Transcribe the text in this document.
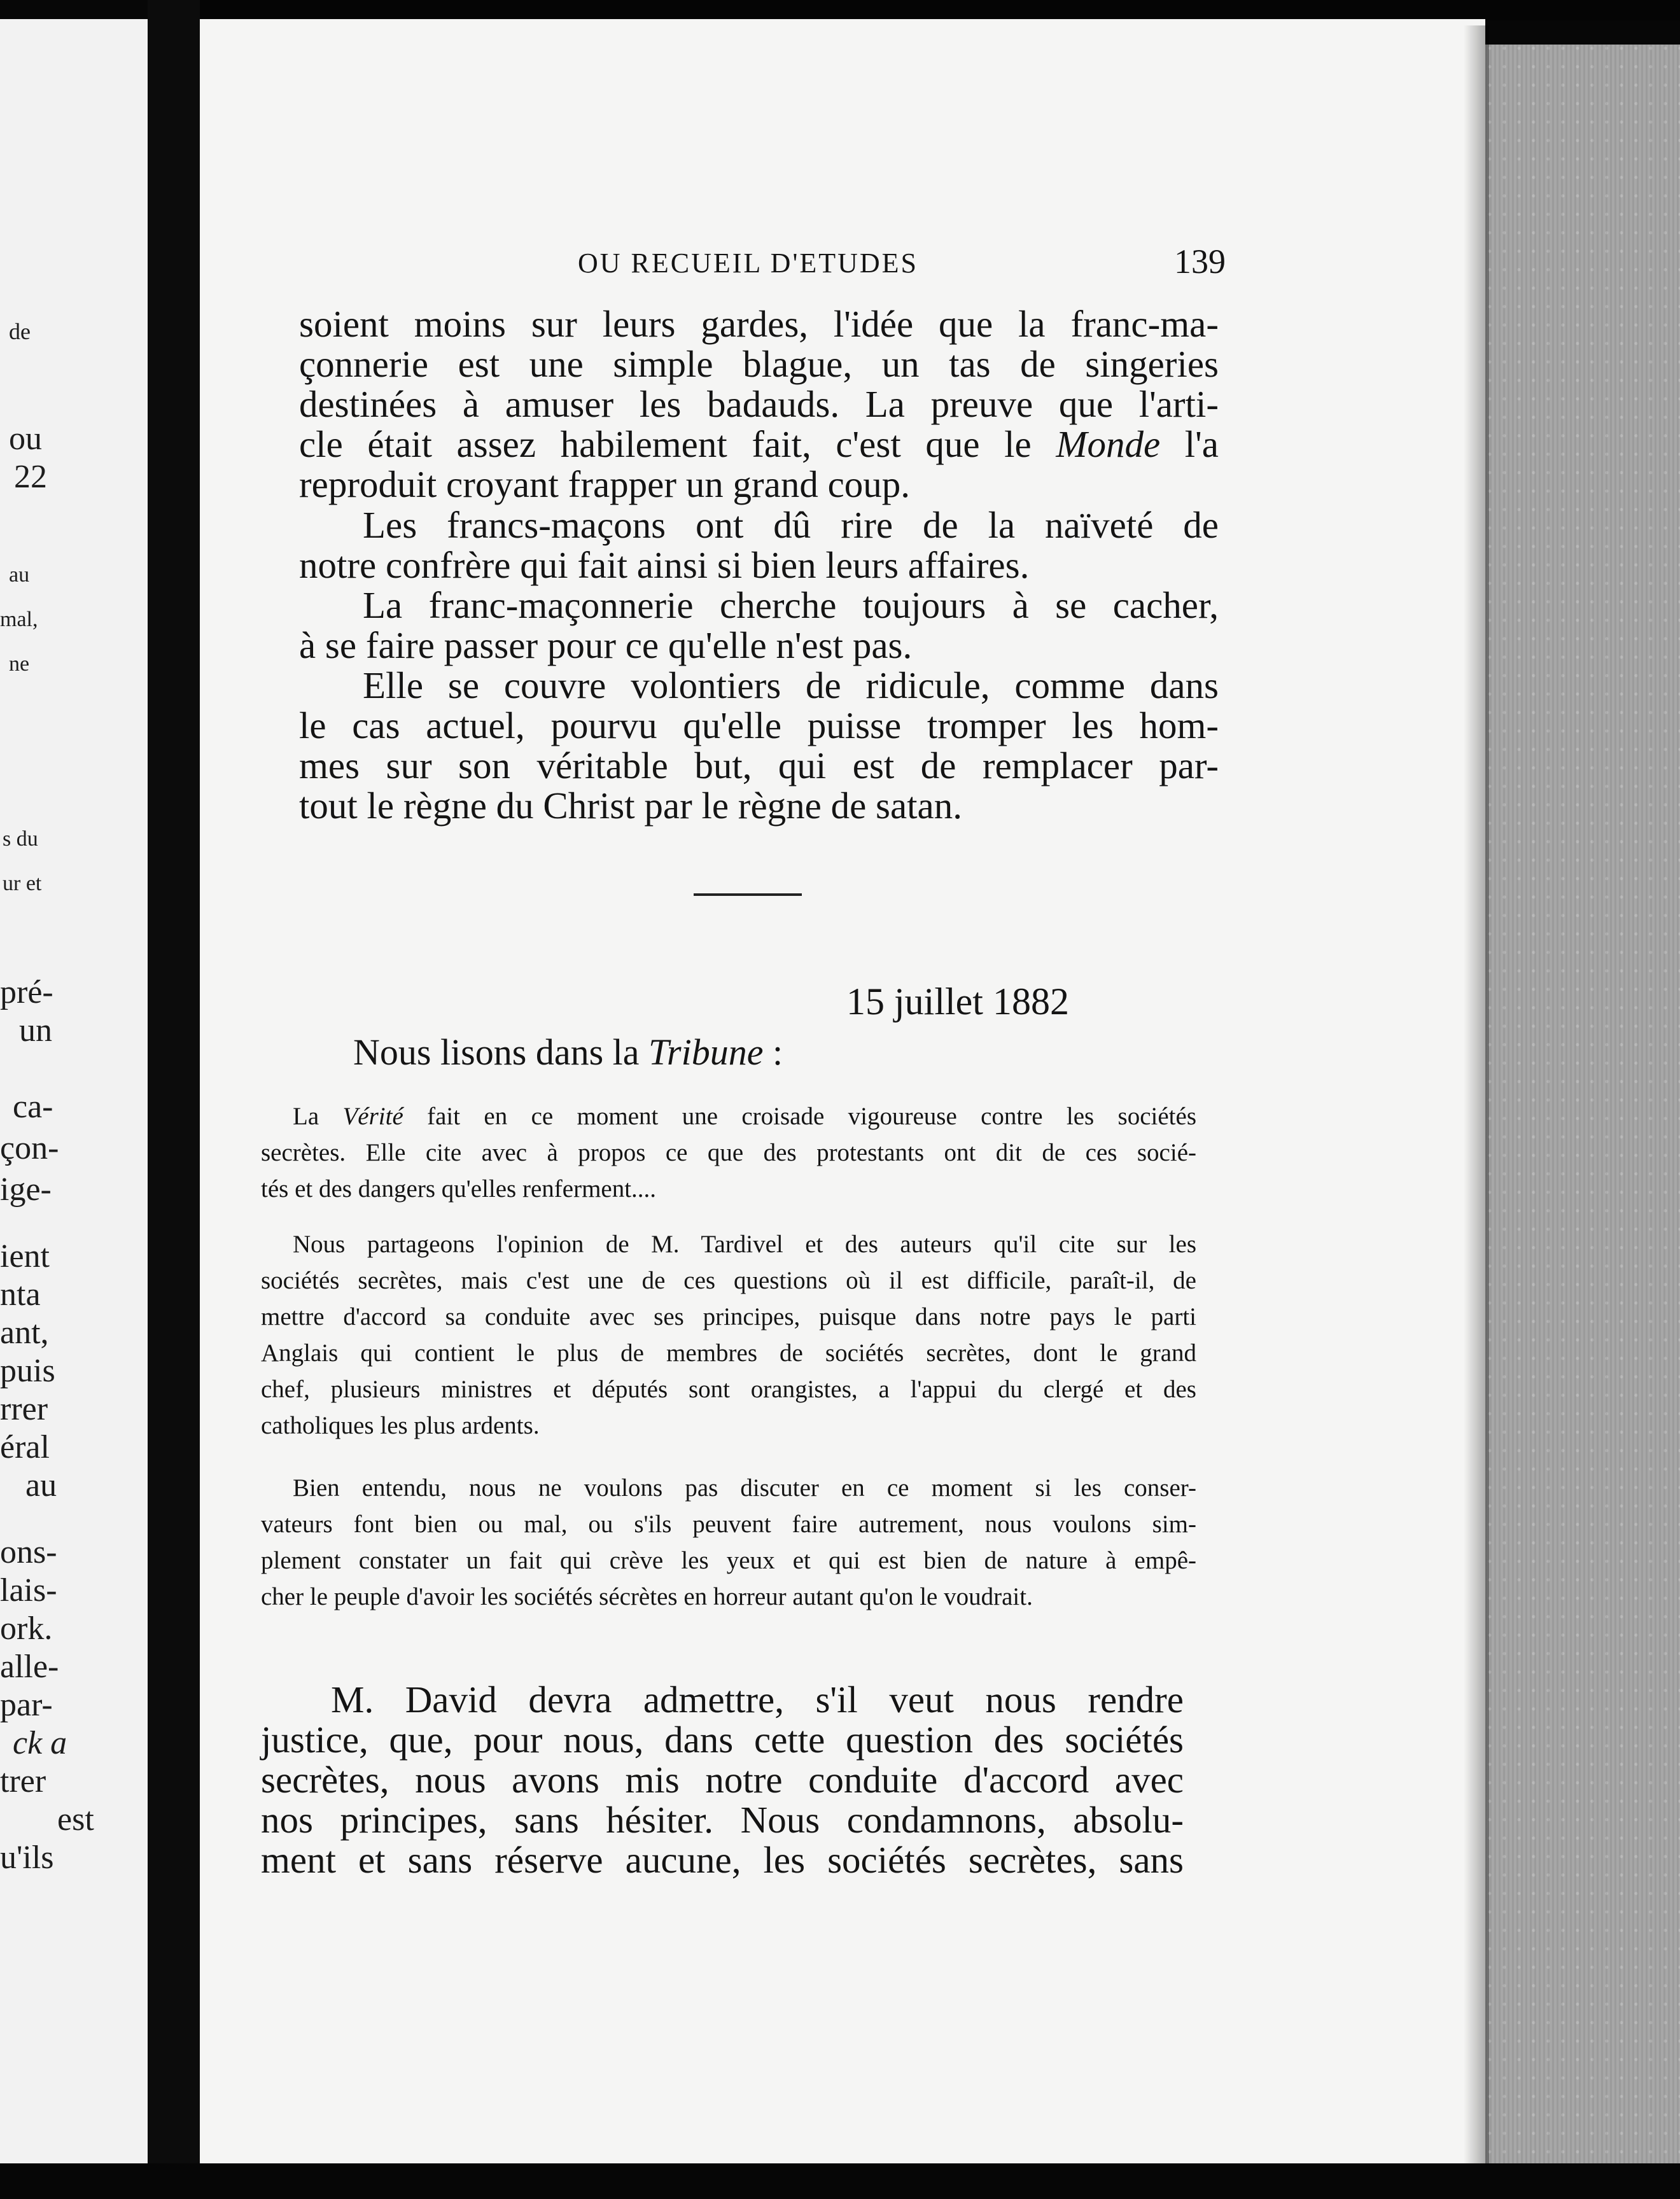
de
ou
22
au
mal,
ne
s du
ur et
pré-
un
ca-
çon-
ige-
ient
nta
ant,
puis
rrer
éral
au
ons-
lais-
ork.
alle-
par-
ck a
trer
est
u'ils
OU RECUEIL D'ETUDES	139
soient moins sur leurs gardes, l'idée que la franc-ma-
çonnerie est une simple blague, un tas de singeries
destinées à amuser les badauds. La preuve que l'arti-
cle était assez habilement fait, c'est que le Monde l'a
reproduit croyant frapper un grand coup.
Les francs-maçons ont dû rire de la naïveté de
notre confrère qui fait ainsi si bien leurs affaires.
La franc-maçonnerie cherche toujours à se cacher,
à se faire passer pour ce qu'elle n'est pas.
Elle se couvre volontiers de ridicule, comme dans
le cas actuel, pourvu qu'elle puisse tromper les hom-
mes sur son véritable but, qui est de remplacer par-
tout le règne du Christ par le règne de satan.
15 juillet 1882
Nous lisons dans la Tribune :
La Vérité fait en ce moment une croisade vigoureuse contre les sociétés
secrètes. Elle cite avec à propos ce que des protestants ont dit de ces socié-
tés et des dangers qu'elles renferment....
Nous partageons l'opinion de M. Tardivel et des auteurs qu'il cite sur les
sociétés secrètes, mais c'est une de ces questions où il est difficile, paraît-il, de
mettre d'accord sa conduite avec ses principes, puisque dans notre pays le parti
Anglais qui contient le plus de membres de sociétés secrètes, dont le grand
chef, plusieurs ministres et députés sont orangistes, a l'appui du clergé et des
catholiques les plus ardents.
Bien entendu, nous ne voulons pas discuter en ce moment si les conser-
vateurs font bien ou mal, ou s'ils peuvent faire autrement, nous voulons sim-
plement constater un fait qui crève les yeux et qui est bien de nature à empê-
cher le peuple d'avoir les sociétés sécrètes en horreur autant qu'on le voudrait.
M. David devra admettre, s'il veut nous rendre
justice, que, pour nous, dans cette question des sociétés
secrètes, nous avons mis notre conduite d'accord avec
nos principes, sans hésiter. Nous condamnons, absolu-
ment et sans réserve aucune, les sociétés secrètes, sans
